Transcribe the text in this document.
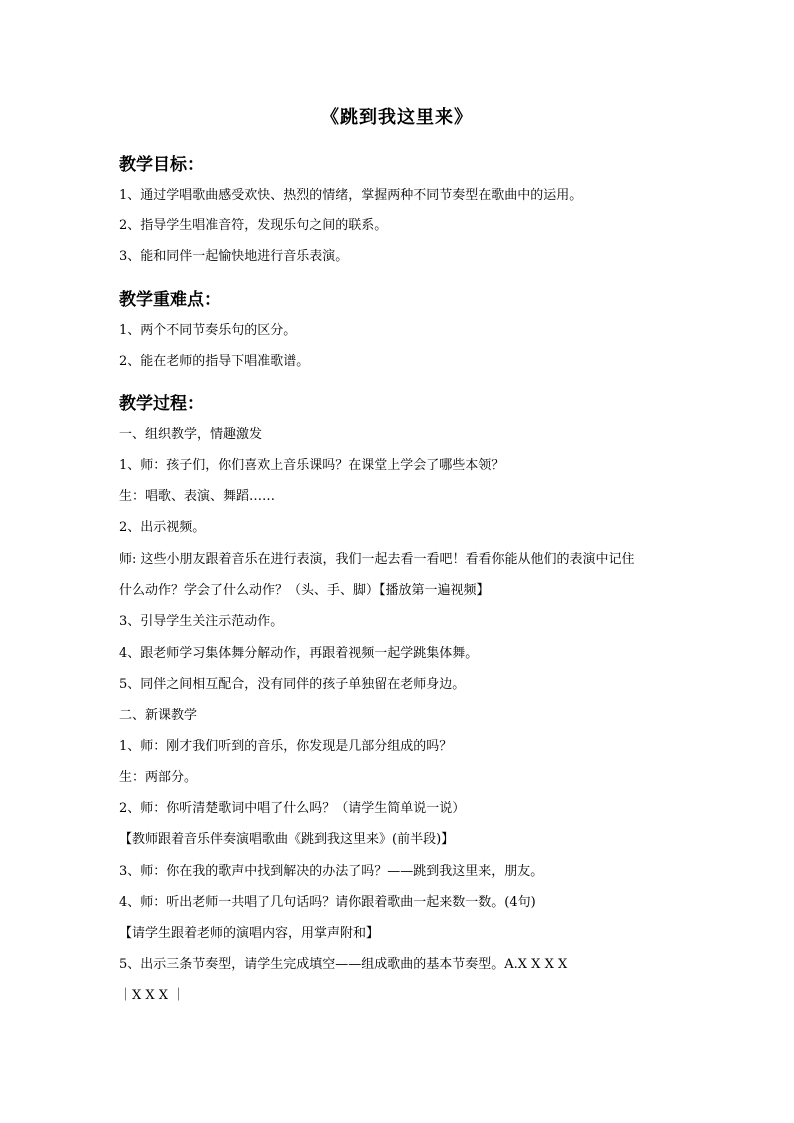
《跳到我这里来》
教学目标：
1、通过学唱歌曲感受欢快、热烈的情绪，掌握两种不同节奏型在歌曲中的运用。
2、指导学生唱准音符，发现乐句之间的联系。
3、能和同伴一起愉快地进行音乐表演。
教学重难点：
1、两个不同节奏乐句的区分。
2、能在老师的指导下唱准歌谱。
教学过程：
一、组织教学，情趣激发
1、师：孩子们，你们喜欢上音乐课吗？在课堂上学会了哪些本领？
生：唱歌、表演、舞蹈……
2、出示视频。
师: 这些小朋友跟着音乐在进行表演，我们一起去看一看吧！看看你能从他们的表演中记住
什么动作？学会了什么动作？（头、手、脚）【播放第一遍视频】
3、引导学生关注示范动作。
4、跟老师学习集体舞分解动作，再跟着视频一起学跳集体舞。
5、同伴之间相互配合，没有同伴的孩子单独留在老师身边。
二、新课教学
1、师：刚才我们听到的音乐，你发现是几部分组成的吗？
生：两部分。
2、师：你听清楚歌词中唱了什么吗？（请学生简单说一说）
【教师跟着音乐伴奏演唱歌曲《跳到我这里来》(前半段)】
3、师：你在我的歌声中找到解决的办法了吗？——跳到我这里来，朋友。
4、师：听出老师一共唱了几句话吗？请你跟着歌曲一起来数一数。(4句)
【请学生跟着老师的演唱内容，用掌声附和】
5、出示三条节奏型，请学生完成填空——组成歌曲的基本节奏型。A.X X X X
｜X X X ｜
